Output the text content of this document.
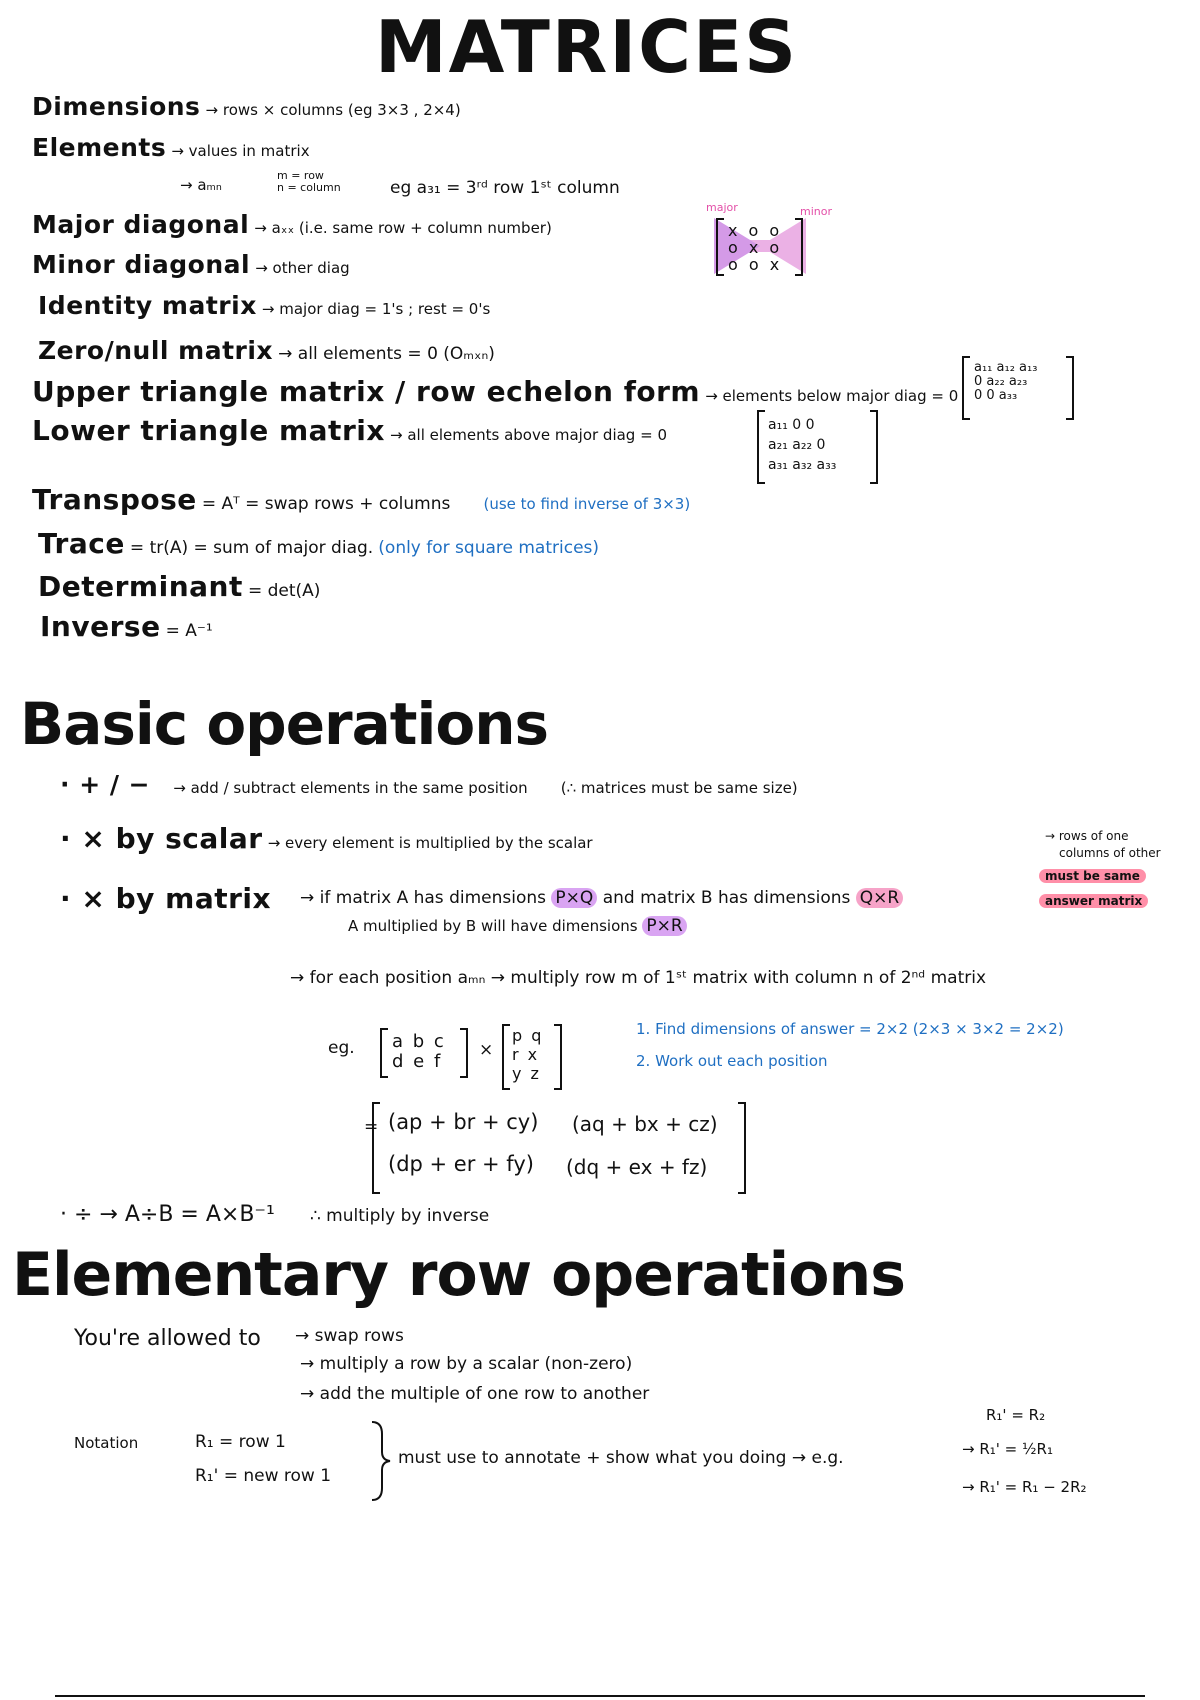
MATRICES
Dimensions → rows × columns (eg 3×3 , 2×4)
Elements → values in matrix
→ aₘₙ
m = row
n = column	eg a₃₁ = 3ʳᵈ row 1ˢᵗ column
Major diagonal → aₓₓ (i.e. same row + column number)
Minor diagonal → other diag
major	minor
x o o
o x o
o o x
Identity matrix → major diag = 1's ; rest = 0's
Zero/null matrix → all elements = 0 (Oₘₓₙ)
Upper triangle matrix / row echelon form → elements below major diag = 0
a₁₁ a₁₂ a₁₃
0 a₂₂ a₂₃
0 0 a₃₃
Lower triangle matrix → all elements above major diag = 0
a₁₁ 0 0
a₂₁ a₂₂ 0
a₃₁ a₃₂ a₃₃
Transpose = Aᵀ = swap rows + columns (use to find inverse of 3×3)
Trace = tr(A) = sum of major diag. (only for square matrices)
Determinant = det(A)
Inverse = A⁻¹
Basic operations
· + / − → add / subtract elements in the same position (∴ matrices must be same size)
· × by scalar → every element is multiplied by the scalar	→ rows of one
columns of other
must be same
answer matrix
· × by matrix → if matrix A has dimensions P×Q and matrix B has dimensions Q×R
A multiplied by B will have dimensions P×R
→ for each position aₘₙ → multiply row m of 1ˢᵗ matrix with column n of 2ⁿᵈ matrix
eg. a b c
d e f
×
p q
r x
y z
1. Find dimensions of answer = 2×2 (2×3 × 3×2 = 2×2)
2. Work out each position
= (ap + br + cy) (aq + bx + cz)
(dp + er + fy) (dq + ex + fz)
· ÷ → A÷B = A×B⁻¹ ∴ multiply by inverse
Elementary row operations
You're allowed to → swap rows
→ multiply a row by a scalar (non-zero)
→ add the multiple of one row to another
Notation	R₁ = row 1
R₁' = new row 1
must use to annotate + show what you doing → e.g.
R₁' = R₂
→ R₁' = ½R₁
→ R₁' = R₁ − 2R₂
